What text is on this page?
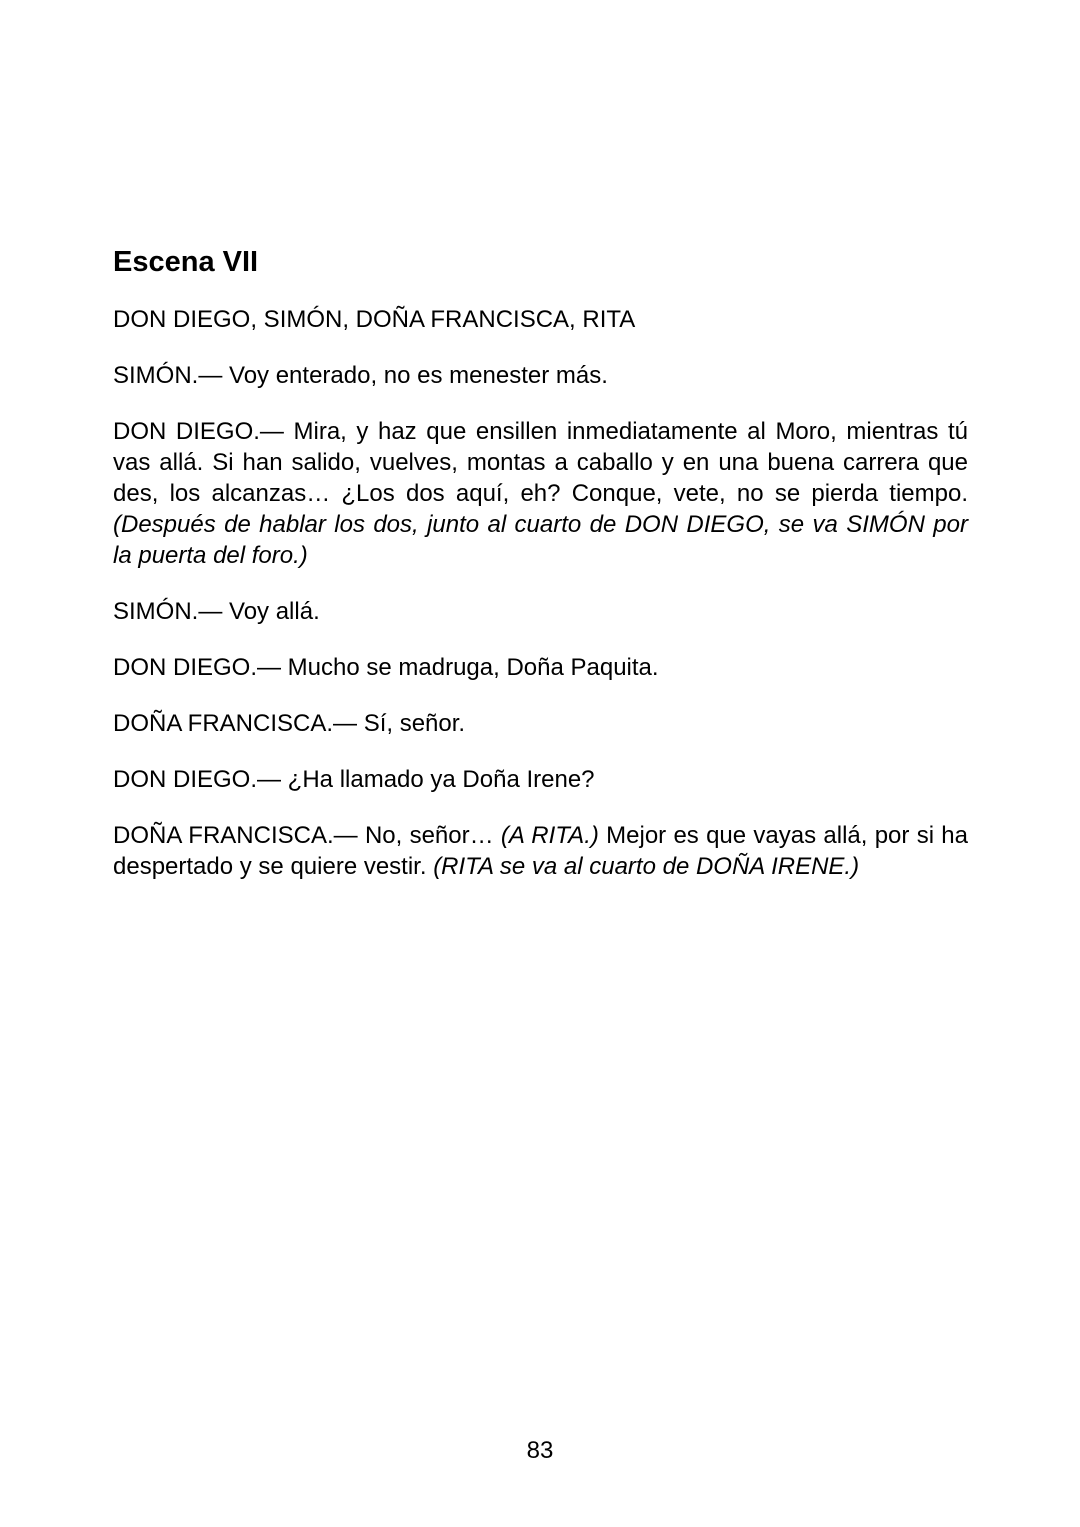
Escena VII
DON DIEGO, SIMÓN, DOÑA FRANCISCA, RITA

SIMÓN.— Voy enterado, no es menester más.

DON DIEGO.— Mira, y haz que ensillen inmediatamente al Moro, mientras tú vas allá. Si han salido, vuelves, montas a caballo y en una buena carrera que des, los alcanzas… ¿Los dos aquí, eh? Conque, vete, no se pierda tiempo. (Después de hablar los dos, junto al cuarto de DON DIEGO, se va SIMÓN por la puerta del foro.)

SIMÓN.— Voy allá.

DON DIEGO.— Mucho se madruga, Doña Paquita.

DOÑA FRANCISCA.— Sí, señor.

DON DIEGO.— ¿Ha llamado ya Doña Irene?

DOÑA FRANCISCA.— No, señor… (A RITA.) Mejor es que vayas allá, por si ha despertado y se quiere vestir. (RITA se va al cuarto de DOÑA IRENE.)

83
